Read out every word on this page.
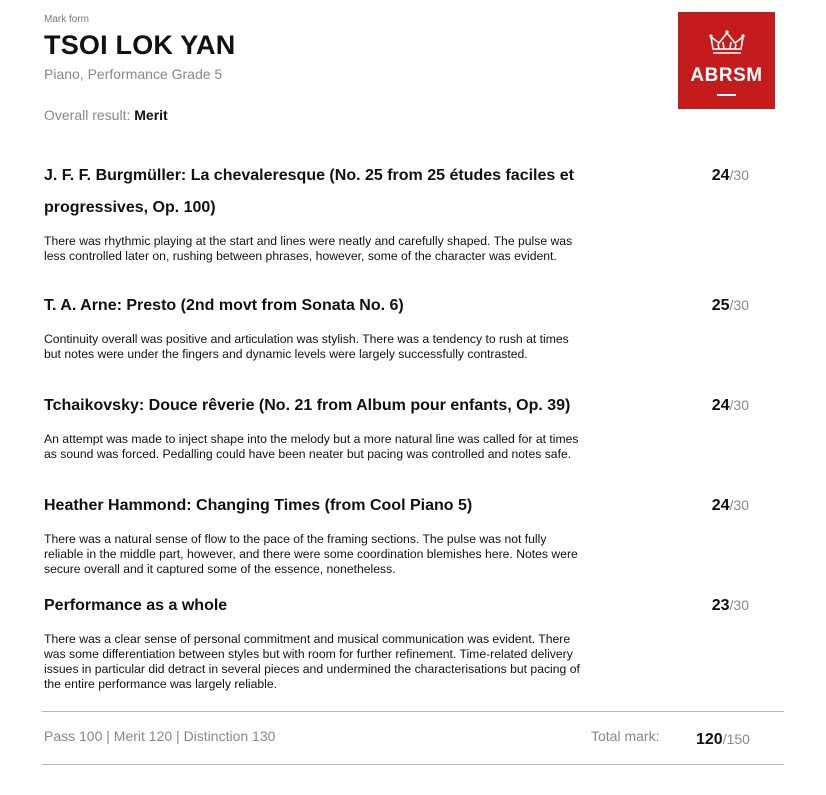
Mark form
TSOI LOK YAN
Piano, Performance Grade 5
Overall result: Merit
ABRSM
J. F. F. Burgmüller: La chevaleresque (No. 25 from 25 études faciles et progressives, Op. 100)
There was rhythmic playing at the start and lines were neatly and carefully shaped. The pulse was less controlled later on, rushing between phrases, however, some of the character was evident.
24/30
T. A. Arne: Presto (2nd movt from Sonata No. 6)
Continuity overall was positive and articulation was stylish. There was a tendency to rush at times but notes were under the fingers and dynamic levels were largely successfully contrasted.
25/30
Tchaikovsky: Douce rêverie (No. 21 from Album pour enfants, Op. 39)
An attempt was made to inject shape into the melody but a more natural line was called for at times as sound was forced. Pedalling could have been neater but pacing was controlled and notes safe.
24/30
Heather Hammond: Changing Times (from Cool Piano 5)
There was a natural sense of flow to the pace of the framing sections. The pulse was not fully reliable in the middle part, however, and there were some coordination blemishes here. Notes were secure overall and it captured some of the essence, nonetheless.
24/30
Performance as a whole
There was a clear sense of personal commitment and musical communication was evident. There was some differentiation between styles but with room for further refinement. Time-related delivery issues in particular did detract in several pieces and undermined the characterisations but pacing of the entire performance was largely reliable.
23/30
Pass 100 | Merit 120 | Distinction 130	Total mark: 120/150
